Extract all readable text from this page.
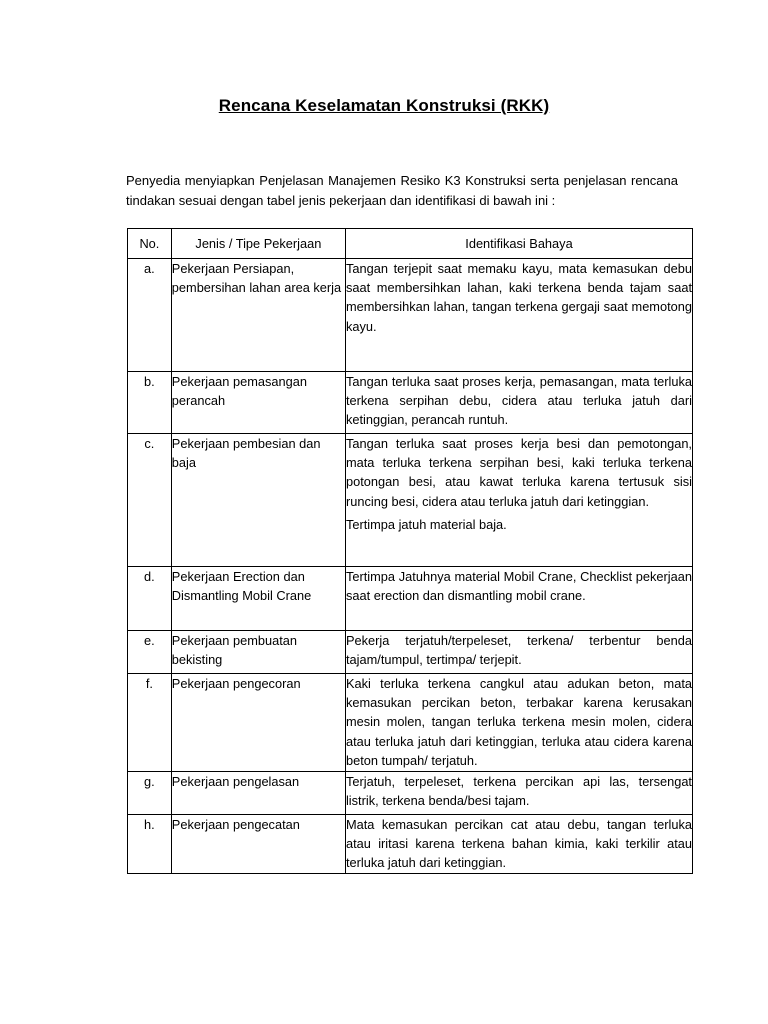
Rencana Keselamatan Konstruksi (RKK)

Penyedia menyiapkan Penjelasan Manajemen Resiko K3 Konstruksi serta penjelasan rencana tindakan sesuai dengan tabel jenis pekerjaan dan identifikasi di bawah ini :

No.	Jenis / Tipe Pekerjaan	Identifikasi Bahaya
a.	Pekerjaan Persiapan, pembersihan lahan area kerja	Tangan terjepit saat memaku kayu, mata kemasukan debu saat membersihkan lahan, kaki terkena benda tajam saat membersihkan lahan, tangan terkena gergaji saat memotong kayu.

b.	Pekerjaan pemasangan perancah	Tangan terluka saat proses kerja, pemasangan, mata terluka terkena serpihan debu, cidera atau terluka jatuh dari ketinggian, perancah runtuh.

c.	Pekerjaan pembesian dan baja	Tangan terluka saat proses kerja besi dan pemotongan, mata terluka terkena serpihan besi, kaki terluka terkena potongan besi, atau kawat terluka karena tertusuk sisi runcing besi, cidera atau terluka jatuh dari ketinggian.

Tertimpa jatuh material baja.

d.	Pekerjaan Erection dan Dismantling Mobil Crane	Tertimpa Jatuhnya material Mobil Crane, Checklist pekerjaan saat erection dan dismantling mobil crane.

e.	Pekerjaan pembuatan bekisting	Pekerja terjatuh/terpeleset, terkena/ terbentur benda tajam/tumpul, tertimpa/ terjepit.

f.	Pekerjaan pengecoran	Kaki terluka terkena cangkul atau adukan beton, mata kemasukan percikan beton, terbakar karena kerusakan mesin molen, tangan terluka terkena mesin molen, cidera atau terluka jatuh dari ketinggian, terluka atau cidera karena beton tumpah/ terjatuh.

g.	Pekerjaan pengelasan	Terjatuh, terpeleset, terkena percikan api las, tersengat listrik, terkena benda/besi tajam.

h.	Pekerjaan pengecatan	Mata kemasukan percikan cat atau debu, tangan terluka atau iritasi karena terkena bahan kimia, kaki terkilir atau terluka jatuh dari ketinggian.
